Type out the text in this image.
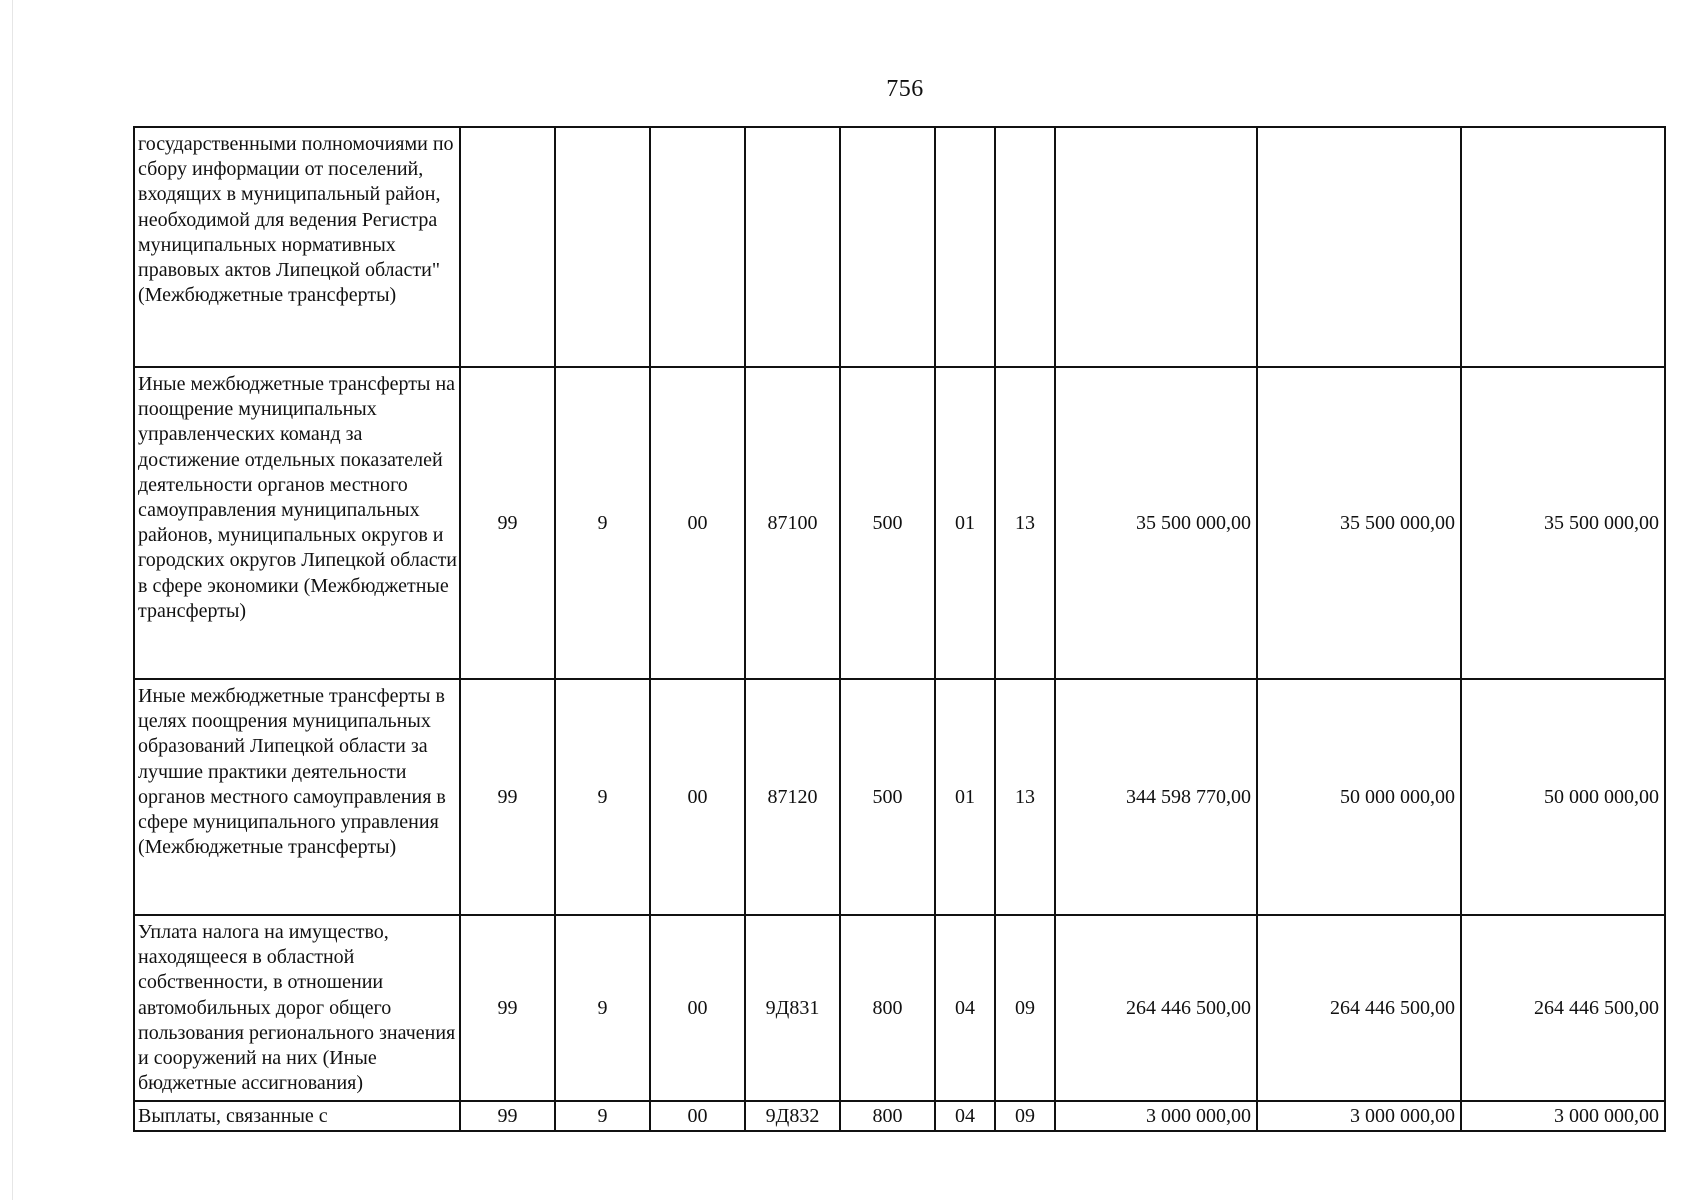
756
государственными полномочиями по сбору информации от поселений, входящих в муниципальный район, необходимой для ведения Регистра муниципальных нормативных правовых актов Липецкой области" (Межбюджетные трансферты)										
Иные межбюджетные трансферты на поощрение муниципальных управленческих команд за достижение отдельных показателей деятельности органов местного самоуправления муниципальных районов, муниципальных округов и городских округов Липецкой области в сфере экономики (Межбюджетные трансферты)	99	9	00	87100	500	01	13	35 500 000,00	35 500 000,00	35 500 000,00
Иные межбюджетные трансферты в целях поощрения муниципальных образований Липецкой области за лучшие практики деятельности органов местного самоуправления в сфере муниципального управления (Межбюджетные трансферты)	99	9	00	87120	500	01	13	344 598 770,00	50 000 000,00	50 000 000,00
Уплата налога на имущество, находящееся в областной собственности, в отношении автомобильных дорог общего пользования регионального значения и сооружений на них (Иные бюджетные ассигнования)	99	9	00	9Д831	800	04	09	264 446 500,00	264 446 500,00	264 446 500,00
Выплаты, связанные с	99	9	00	9Д832	800	04	09	3 000 000,00	3 000 000,00	3 000 000,00
